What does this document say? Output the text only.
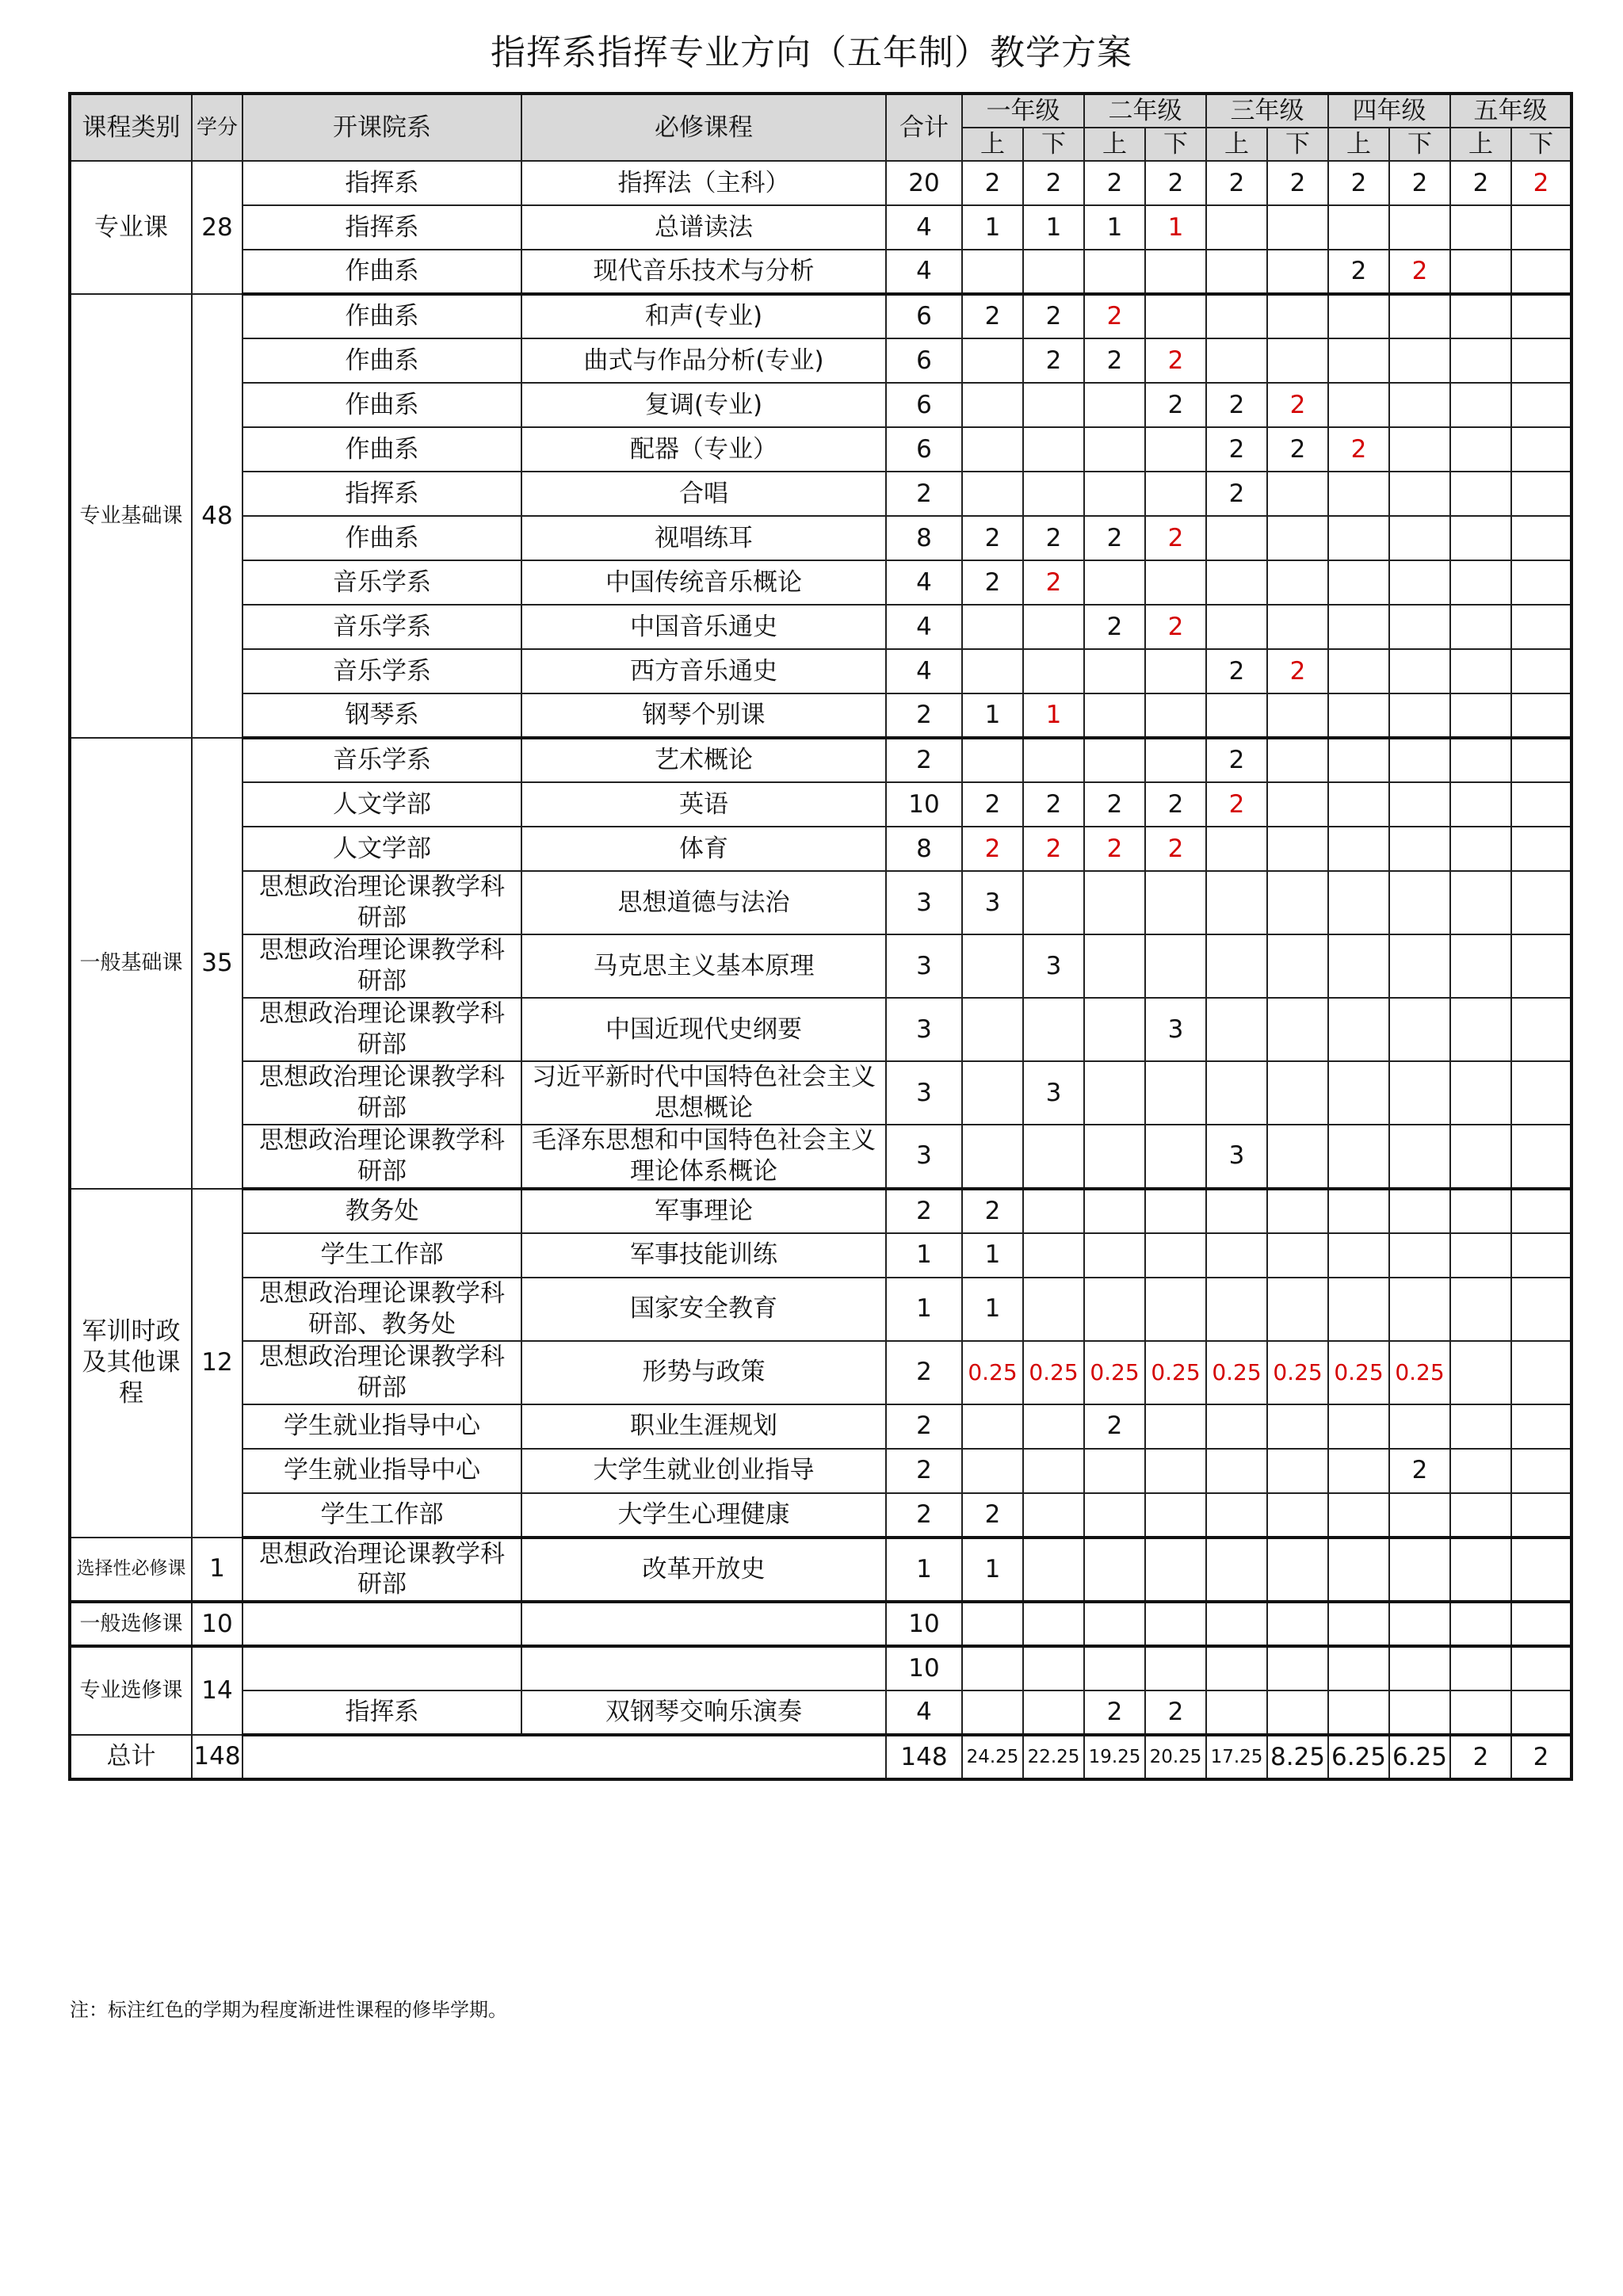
指挥系指挥专业方向（五年制）教学方案
课程类别	学分	开课院系	必修课程	合计	一年级		二年级		三年级		四年级		五年级	
					上	下	上	下	上	下	上	下	上	下
专业课	28	指挥系	指挥法（主科）	20	2	2	2	2	2	2	2	2	2	2
		指挥系	总谱读法	4	1	1	1	1						
		作曲系	现代音乐技术与分析	4							2	2		
专业基础课	48	作曲系	和声(专业)	6	2	2	2							
		作曲系	曲式与作品分析(专业)	6		2	2	2						
		作曲系	复调(专业)	6				2	2	2				
		作曲系	配器（专业）	6					2	2	2			
		指挥系	合唱	2					2					
		作曲系	视唱练耳	8	2	2	2	2						
		音乐学系	中国传统音乐概论	4	2	2								
		音乐学系	中国音乐通史	4			2	2						
		音乐学系	西方音乐通史	4					2	2				
		钢琴系	钢琴个别课	2	1	1								
一般基础课	35	音乐学系	艺术概论	2					2					
		人文学部	英语	10	2	2	2	2	2					
		人文学部	体育	8	2	2	2	2						
		思想政治理论课教学科研部	思想道德与法治	3	3									
		思想政治理论课教学科研部	马克思主义基本原理	3		3								
		思想政治理论课教学科研部	中国近现代史纲要	3				3						
		思想政治理论课教学科研部	习近平新时代中国特色社会主义思想概论	3		3								
		思想政治理论课教学科研部	毛泽东思想和中国特色社会主义理论体系概论	3					3					
军训时政及其他课程	12	教务处	军事理论	2	2									
		学生工作部	军事技能训练	1	1									
		思想政治理论课教学科研部、教务处	国家安全教育	1	1									
		思想政治理论课教学科研部	形势与政策	2	0.25	0.25	0.25	0.25	0.25	0.25	0.25	0.25		
		学生就业指导中心	职业生涯规划	2			2							
		学生就业指导中心	大学生就业创业指导	2								2		
		学生工作部	大学生心理健康	2	2									
选择性必修课	1	思想政治理论课教学科研部	改革开放史	1	1									
一般选修课	10			10										
专业选修课	14			10										
		指挥系	双钢琴交响乐演奏	4			2	2						
总计	148			148	24.25	22.25	19.25	20.25	17.25	8.25	6.25	6.25	2	2
注：标注红色的学期为程度渐进性课程的修毕学期。
